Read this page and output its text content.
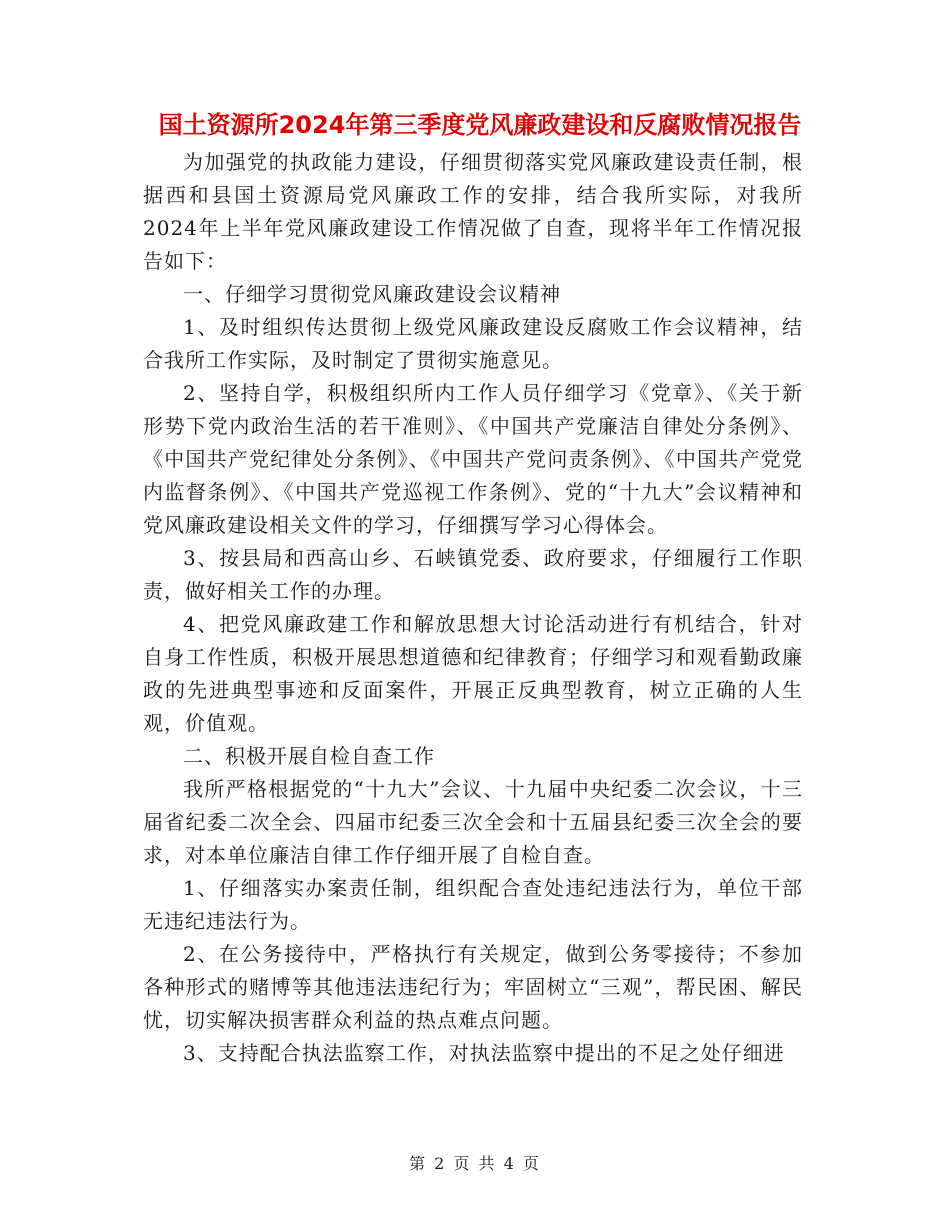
国土资源所2024年第三季度党风廉政建设和反腐败情况报告

为加强党的执政能力建设，仔细贯彻落实党风廉政建设责任制，根据西和县国土资源局党风廉政工作的安排，结合我所实际，对我所2024年上半年党风廉政建设工作情况做了自查，现将半年工作情况报告如下：

一、仔细学习贯彻党风廉政建设会议精神

1、及时组织传达贯彻上级党风廉政建设反腐败工作会议精神，结合我所工作实际，及时制定了贯彻实施意见。

2、坚持自学，积极组织所内工作人员仔细学习《党章》、《关于新形势下党内政治生活的若干准则》、《中国共产党廉洁自律处分条例》、《中国共产党纪律处分条例》、《中国共产党问责条例》、《中国共产党党内监督条例》、《中国共产党巡视工作条例》、党的“十九大”会议精神和党风廉政建设相关文件的学习，仔细撰写学习心得体会。

3、按县局和西高山乡、石峡镇党委、政府要求，仔细履行工作职责，做好相关工作的办理。

4、把党风廉政建工作和解放思想大讨论活动进行有机结合，针对自身工作性质，积极开展思想道德和纪律教育；仔细学习和观看勤政廉政的先进典型事迹和反面案件，开展正反典型教育，树立正确的人生观，价值观。

二、积极开展自检自查工作

我所严格根据党的“十九大”会议、十九届中央纪委二次会议，十三届省纪委二次全会、四届市纪委三次全会和十五届县纪委三次全会的要求，对本单位廉洁自律工作仔细开展了自检自查。

1、仔细落实办案责任制，组织配合查处违纪违法行为，单位干部无违纪违法行为。

2、在公务接待中，严格执行有关规定，做到公务零接待；不参加各种形式的赌博等其他违法违纪行为；牢固树立“三观”，帮民困、解民忧，切实解决损害群众利益的热点难点问题。

3、支持配合执法监察工作，对执法监察中提出的不足之处仔细进

第 2 页 共 4 页
